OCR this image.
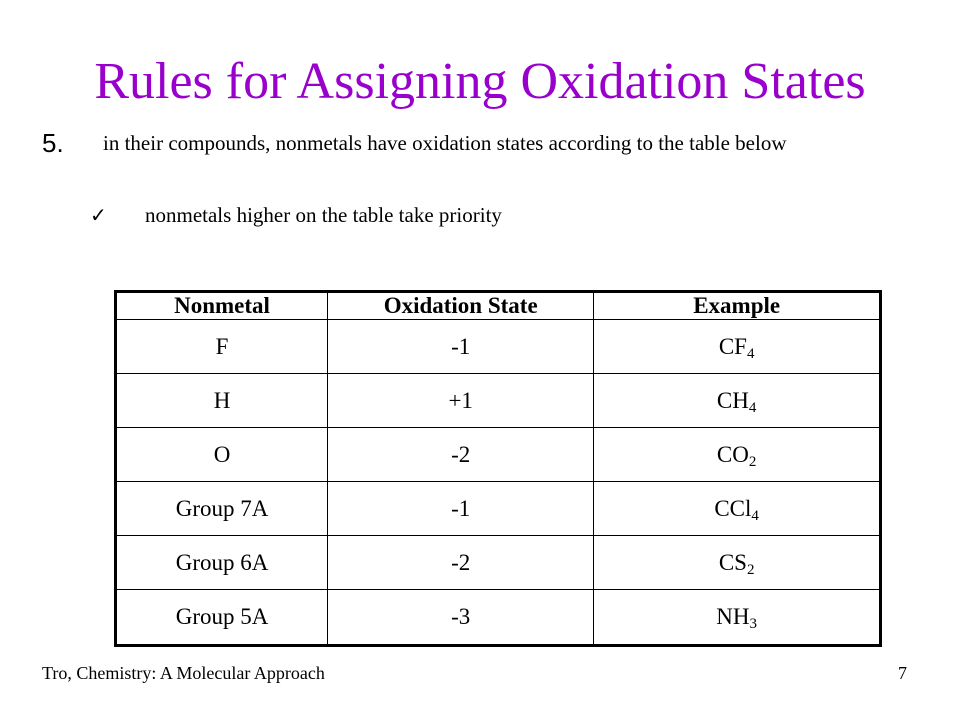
Rules for Assigning Oxidation States
5. in their compounds, nonmetals have oxidation states according to the table below
✓ nonmetals higher on the table take priority
Nonmetal	Oxidation State	Example
F	-1	$CF_4$
H	+1	$CH_4$
O	-2	$CO_2$
Group 7A	-1	CCl$_4$
Group 6A	-2	$CS_2$
Group 5A	-3	$NH_3$
Tro, Chemistry: A Molecular Approach	7
